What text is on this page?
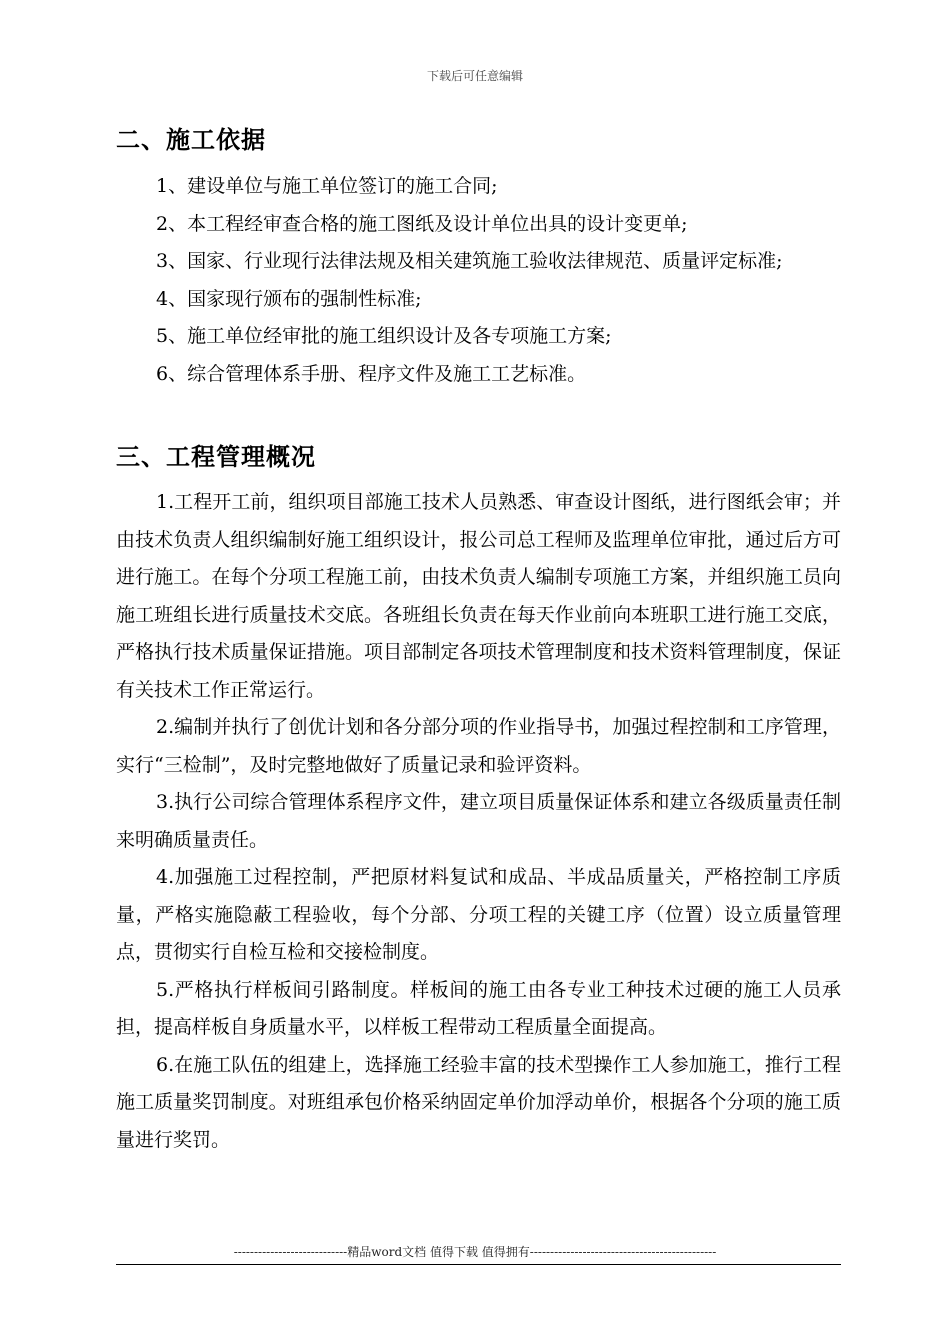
下载后可任意编辑
二、施工依据

1、建设单位与施工单位签订的施工合同;

2、本工程经审查合格的施工图纸及设计单位出具的设计变更单;

3、国家、行业现行法律法规及相关建筑施工验收法律规范、质量评定标准;

4、国家现行颁布的强制性标准;

5、施工单位经审批的施工组织设计及各专项施工方案;

6、综合管理体系手册、程序文件及施工工艺标准。

三、工程管理概况

1.工程开工前，组织项目部施工技术人员熟悉、审查设计图纸，进行图纸会审；并由技术负责人组织编制好施工组织设计，报公司总工程师及监理单位审批，通过后方可进行施工。在每个分项工程施工前，由技术负责人编制专项施工方案，并组织施工员向施工班组长进行质量技术交底。各班组长负责在每天作业前向本班职工进行施工交底，严格执行技术质量保证措施。项目部制定各项技术管理制度和技术资料管理制度，保证有关技术工作正常运行。

2.编制并执行了创优计划和各分部分项的作业指导书，加强过程控制和工序管理，实行“三检制”，及时完整地做好了质量记录和验评资料。

3.执行公司综合管理体系程序文件，建立项目质量保证体系和建立各级质量责任制来明确质量责任。

4.加强施工过程控制，严把原材料复试和成品、半成品质量关，严格控制工序质量，严格实施隐蔽工程验收，每个分部、分项工程的关键工序（位置）设立质量管理点，贯彻实行自检互检和交接检制度。

5.严格执行样板间引路制度。样板间的施工由各专业工种技术过硬的施工人员承担，提高样板自身质量水平，以样板工程带动工程质量全面提高。

6.在施工队伍的组建上，选择施工经验丰富的技术型操作工人参加施工，推行工程施工质量奖罚制度。对班组承包价格采纳固定单价加浮动单价，根据各个分项的施工质量进行奖罚。

----------------------------精品word文档 值得下载 值得拥有----------------------------------------------
